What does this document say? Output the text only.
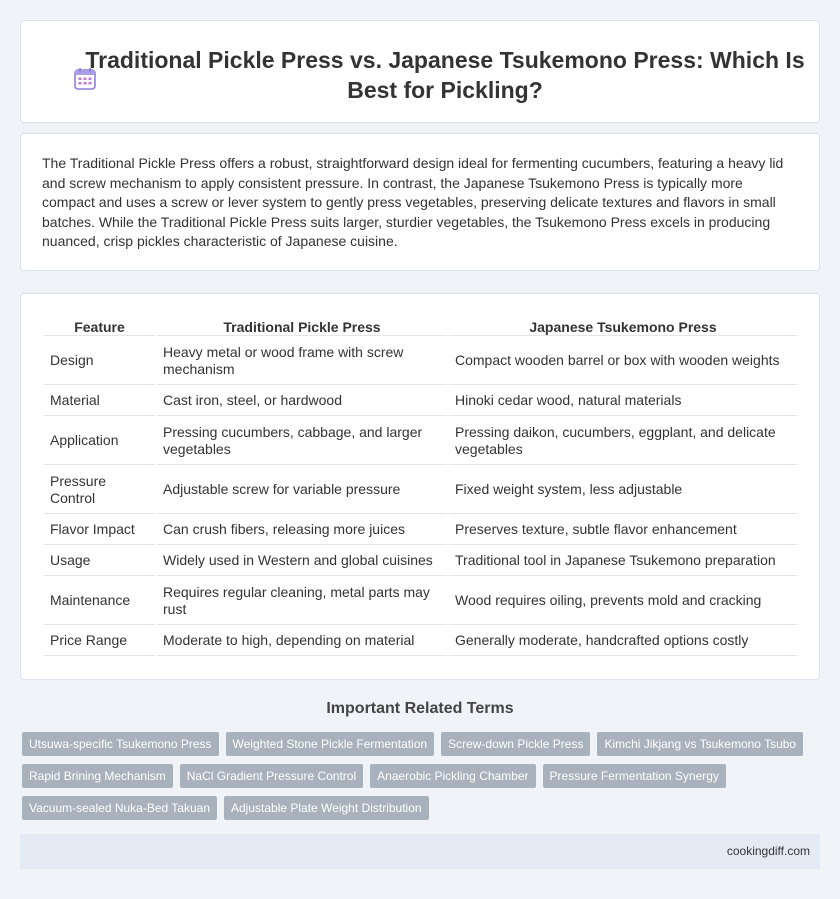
Traditional Pickle Press vs. Japanese Tsukemono Press: Which Is Best for Pickling?

The Traditional Pickle Press offers a robust, straightforward design ideal for fermenting cucumbers, featuring a heavy lid and screw mechanism to apply consistent pressure. In contrast, the Japanese Tsukemono Press is typically more compact and uses a screw or lever system to gently press vegetables, preserving delicate textures and flavors in small batches. While the Traditional Pickle Press suits larger, sturdier vegetables, the Tsukemono Press excels in producing nuanced, crisp pickles characteristic of Japanese cuisine.

Feature	Traditional Pickle Press	Japanese Tsukemono Press
Design	Heavy metal or wood frame with screw mechanism	Compact wooden barrel or box with wooden weights
Material	Cast iron, steel, or hardwood	Hinoki cedar wood, natural materials
Application	Pressing cucumbers, cabbage, and larger vegetables	Pressing daikon, cucumbers, eggplant, and delicate vegetables
Pressure Control	Adjustable screw for variable pressure	Fixed weight system, less adjustable
Flavor Impact	Can crush fibers, releasing more juices	Preserves texture, subtle flavor enhancement
Usage	Widely used in Western and global cuisines	Traditional tool in Japanese Tsukemono preparation
Maintenance	Requires regular cleaning, metal parts may rust	Wood requires oiling, prevents mold and cracking
Price Range	Moderate to high, depending on material	Generally moderate, handcrafted options costly
Important Related Terms
Utsuwa-specific Tsukemono Press	Weighted Stone Pickle Fermentation	Screw-down Pickle Press	Kimchi Jikjang vs Tsukemono Tsubo
Rapid Brining Mechanism	NaCl Gradient Pressure Control	Anaerobic Pickling Chamber	Pressure Fermentation Synergy
Vacuum-sealed Nuka-Bed Takuan	Adjustable Plate Weight Distribution
cookingdiff.com
